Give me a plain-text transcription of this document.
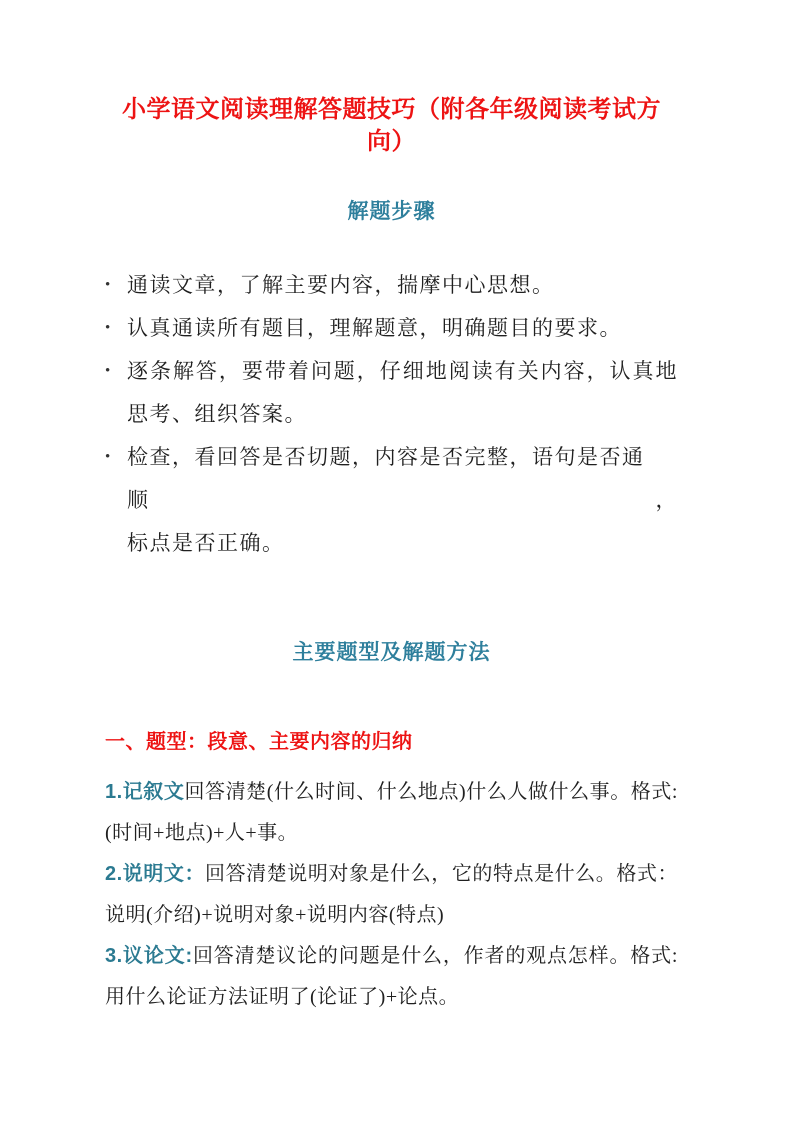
小学语文阅读理解答题技巧（附各年级阅读考试方向）
解题步骤
• 通读文章，了解主要内容，揣摩中心思想。
• 认真通读所有题目，理解题意，明确题目的要求。
• 逐条解答，要带着问题，仔细地阅读有关内容，认真地
思考、组织答案。
• 检查，看回答是否切题，内容是否完整，语句是否通顺，
标点是否正确。
主要题型及解题方法
一、题型：段意、主要内容的归纳

1.记叙文回答清楚(什么时间、什么地点)什么人做什么事。格式:

(时间+地点)+人+事。

2.说明文：回答清楚说明对象是什么，它的特点是什么。格式：

说明(介绍)+说明对象+说明内容(特点)

3.议论文:回答清楚议论的问题是什么，作者的观点怎样。格式:

用什么论证方法证明了(论证了)+论点。
